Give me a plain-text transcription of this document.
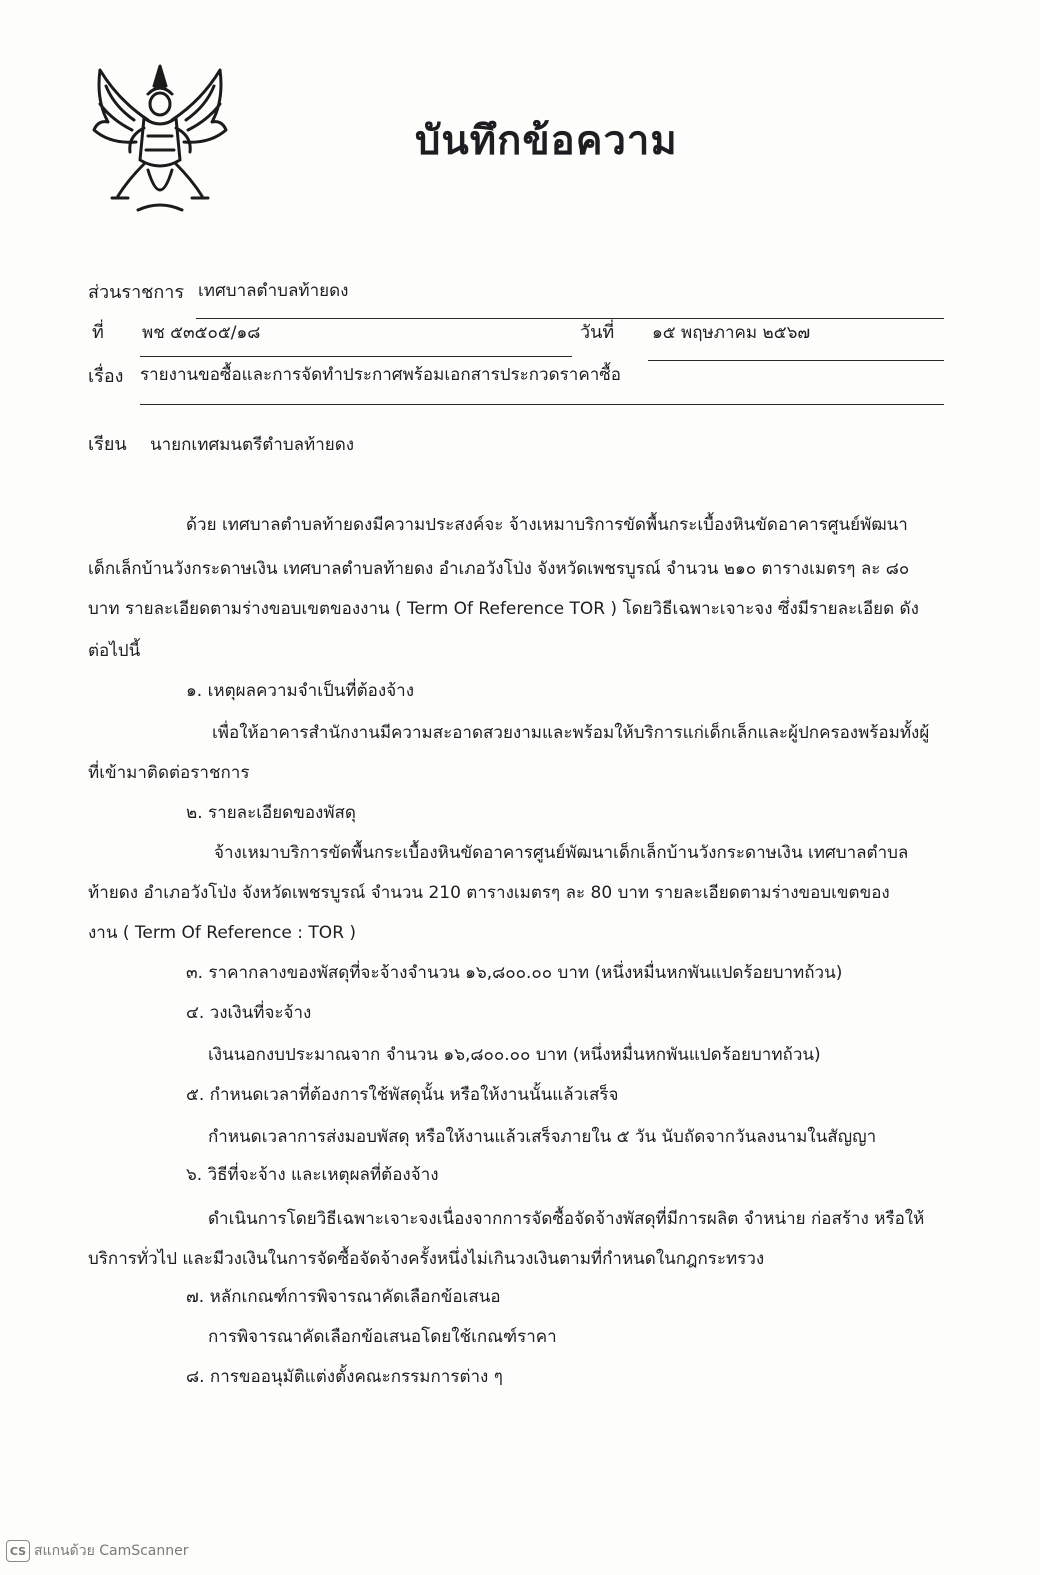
บันทึกข้อความ
ส่วนราชการ เทศบาลตำบลท้ายดง
ที่ พช ๕๓๕๐๕/๑๘	วันที่ ๑๕ พฤษภาคม ๒๕๖๗
เรื่อง รายงานขอซื้อและการจัดทำประกาศพร้อมเอกสารประกวดราคาซื้อ
เรียน นายกเทศมนตรีตำบลท้ายดง
ด้วย เทศบาลตำบลท้ายดงมีความประสงค์จะ จ้างเหมาบริการขัดพื้นกระเบื้องหินขัดอาคารศูนย์พัฒนา
เด็กเล็กบ้านวังกระดาษเงิน เทศบาลตำบลท้ายดง อำเภอวังโป่ง จังหวัดเพชรบูรณ์ จำนวน ๒๑๐ ตารางเมตรๆ ละ ๘๐
บาท รายละเอียดตามร่างขอบเขตของงาน ( Term Of Reference TOR ) โดยวิธีเฉพาะเจาะจง ซึ่งมีรายละเอียด ดัง
ต่อไปนี้
๑. เหตุผลความจำเป็นที่ต้องจ้าง
เพื่อให้อาคารสำนักงานมีความสะอาดสวยงามและพร้อมให้บริการแก่เด็กเล็กและผู้ปกครองพร้อมทั้งผู้
ที่เข้ามาติดต่อราชการ
๒. รายละเอียดของพัสดุ
จ้างเหมาบริการขัดพื้นกระเบื้องหินขัดอาคารศูนย์พัฒนาเด็กเล็กบ้านวังกระดาษเงิน เทศบาลตำบล
ท้ายดง อำเภอวังโป่ง จังหวัดเพชรบูรณ์ จำนวน 210 ตารางเมตรๆ ละ 80 บาท รายละเอียดตามร่างขอบเขตของ
งาน ( Term Of Reference : TOR )
๓. ราคากลางของพัสดุที่จะจ้างจำนวน ๑๖,๘๐๐.๐๐ บาท (หนึ่งหมื่นหกพันแปดร้อยบาทถ้วน)
๔. วงเงินที่จะจ้าง
เงินนอกงบประมาณจาก จำนวน ๑๖,๘๐๐.๐๐ บาท (หนึ่งหมื่นหกพันแปดร้อยบาทถ้วน)
๕. กำหนดเวลาที่ต้องการใช้พัสดุนั้น หรือให้งานนั้นแล้วเสร็จ
กำหนดเวลาการส่งมอบพัสดุ หรือให้งานแล้วเสร็จภายใน ๕ วัน นับถัดจากวันลงนามในสัญญา
๖. วิธีที่จะจ้าง และเหตุผลที่ต้องจ้าง
ดำเนินการโดยวิธีเฉพาะเจาะจงเนื่องจากการจัดซื้อจัดจ้างพัสดุที่มีการผลิต จำหน่าย ก่อสร้าง หรือให้
บริการทั่วไป และมีวงเงินในการจัดซื้อจัดจ้างครั้งหนึ่งไม่เกินวงเงินตามที่กำหนดในกฎกระทรวง
๗. หลักเกณฑ์การพิจารณาคัดเลือกข้อเสนอ
การพิจารณาคัดเลือกข้อเสนอโดยใช้เกณฑ์ราคา
๘. การขออนุมัติแต่งตั้งคณะกรรมการต่าง ๆ
CS สแกนด้วย CamScanner
